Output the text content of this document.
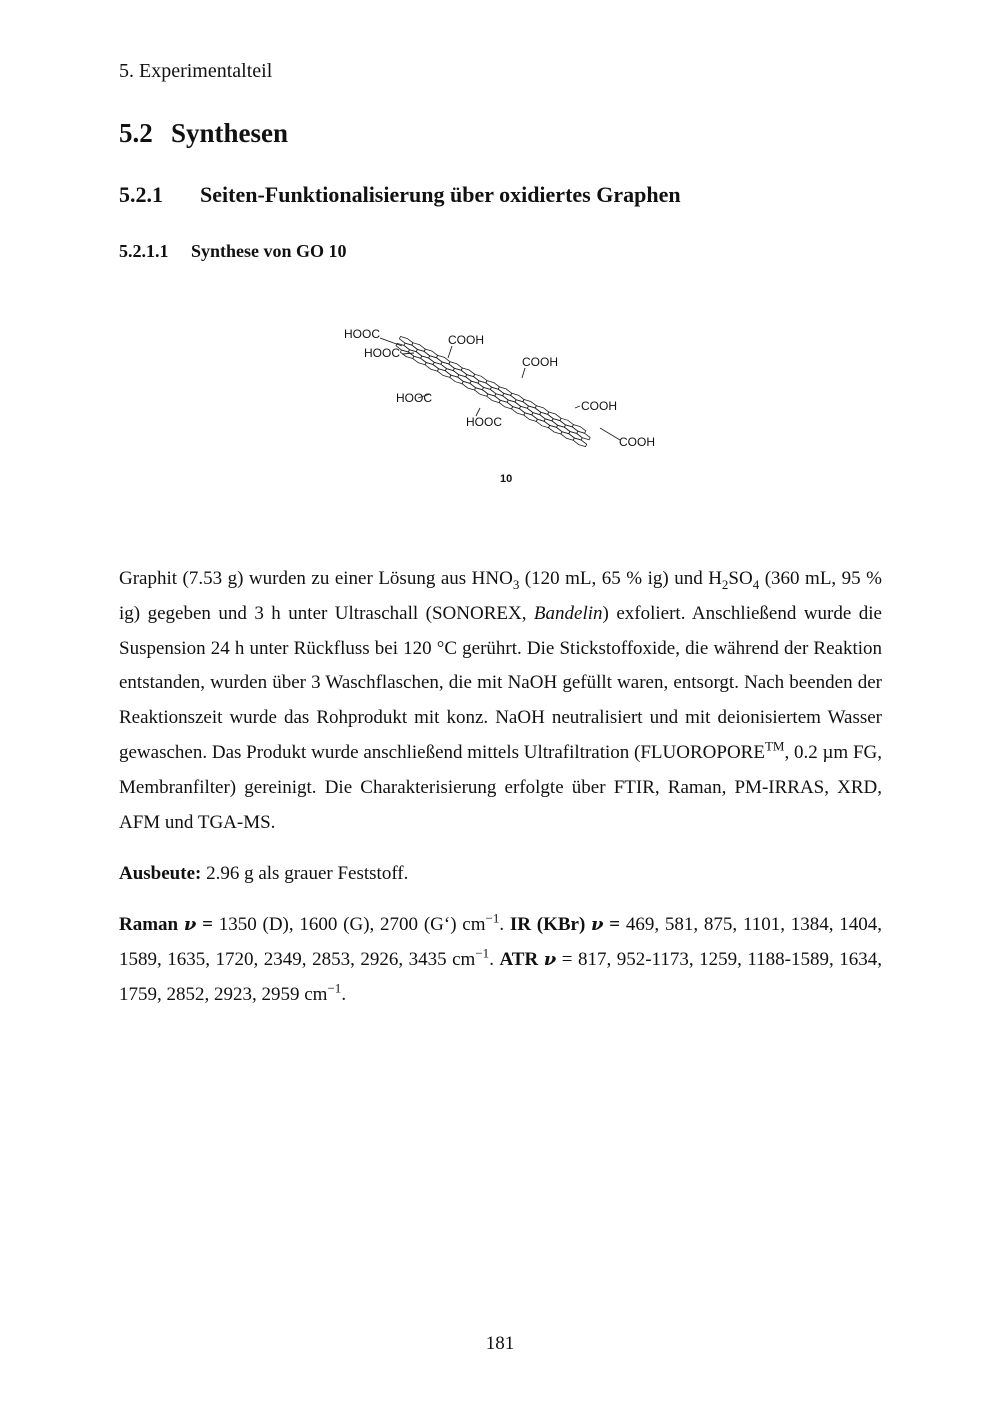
5. Experimentalteil
5.2 Synthesen
5.2.1 Seiten-Funktionalisierung über oxidiertes Graphen
5.2.1.1 Synthese von GO 10
HOOC
HOOC
COOH
COOH
HOOC
COOH
HOOC
COOH
10
Graphit (7.53 g) wurden zu einer Lösung aus $HNO_3$ (120 mL, 65 % ig) und $H_2SO_4$ (360 mL, 95 % ig) gegeben und 3 h unter Ultraschall (SONOREX, Bandelin) exfoliert. Anschließend wurde die Suspension 24 h unter Rückfluss bei 120 °C gerührt. Die Stickstoffoxide, die während der Reaktion entstanden, wurden über 3 Waschflaschen, die mit NaOH gefüllt waren, entsorgt. Nach beenden der Reaktionszeit wurde das Rohprodukt mit konz. NaOH neutralisiert und mit deionisiertem Wasser gewaschen. Das Produkt wurde anschließend mittels Ultrafiltration (FLUOROPORE™, 0.2 µm FG, Membranfilter) gereinigt. Die Charakterisierung erfolgte über FTIR, Raman, PM-IRRAS, XRD, AFM und TGA-MS.
Ausbeute: 2.96 g als grauer Feststoff.
Raman ν = 1350 (D), 1600 (G), 2700 (G‘) $cm^{-1}$. IR (KBr) ν = 469, 581, 875, 1101, 1384, 1404, 1589, 1635, 1720, 2349, 2853, 2926, 3435 $cm^{-1}$. ATR ν = 817, 952-1173, 1259, 1188-1589, 1634, 1759, 2852, 2923, 2959 $cm^{-1}$.
181
